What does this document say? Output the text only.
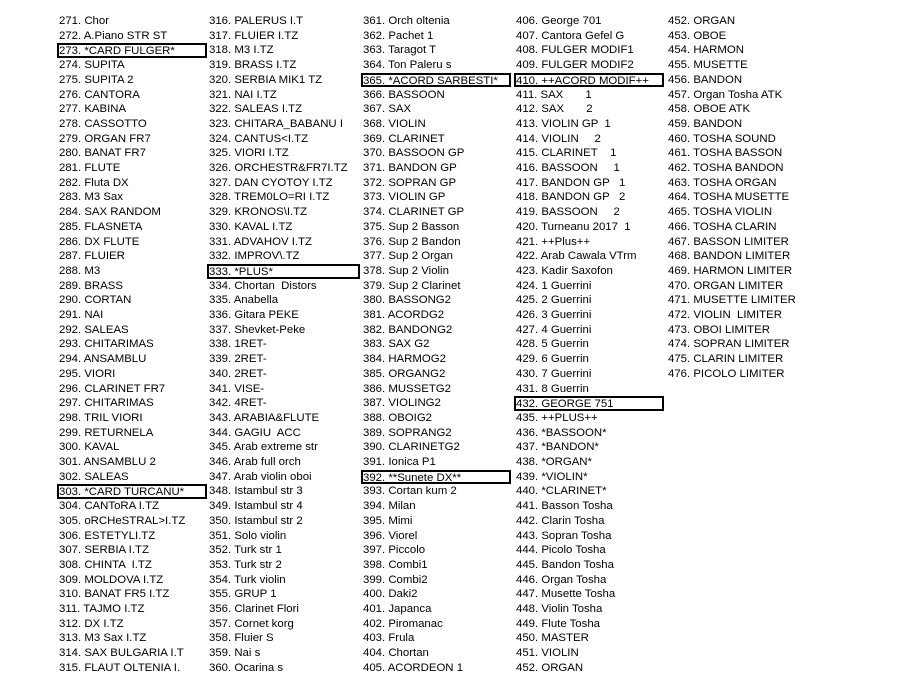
271. Chor
272. A.Piano STR ST
273. *CARD FULGER*
274. SUPITA
275. SUPITA 2
276. CANTORA
277. KABINA
278. CASSOTTO
279. ORGAN FR7
280. BANAT FR7
281. FLUTE
282. Fluta DX
283. M3 Sax
284. SAX RANDOM
285. FLASNETA
286. DX FLUTE
287. FLUIER
288. M3
289. BRASS
290. CORTAN
291. NAI
292. SALEAS
293. CHITARIMAS
294. ANSAMBLU
295. VIORI
296. CLARINET FR7
297. CHITARIMAS
298. TRIL VIORI
299. RETURNELA
300. KAVAL
301. ANSAMBLU 2
302. SALEAS
303. *CARD TURCANU*
304. CANToRA I.TZ
305. oRCHeSTRAL>I.TZ
306. ESTETYLI.TZ
307. SERBIA I.TZ
308. CHINTA  I.TZ
309. MOLDOVA I.TZ
310. BANAT FR5 I.TZ
311. TAJMO I.TZ
312. DX I.TZ
313. M3 Sax I.TZ
314. SAX BULGARIA I.T
315. FLAUT OLTENIA I.
316. PALERUS I.T
317. FLUIER I.TZ
318. M3 I.TZ
319. BRASS I.TZ
320. SERBIA MIK1 TZ
321. NAI I.TZ
322. SALEAS I.TZ
323. CHITARA_BABANU I
324. CANTUS<I.TZ
325. VIORI I.TZ
326. ORCHESTR&FR7I.TZ
327. DAN CYOTOY I.TZ
328. TREM0LO=RI I.TZ
329. KRONOS\I.TZ
330. KAVAL I.TZ
331. ADVAHOV I.TZ
332. IMPROV\.TZ
333. *PLUS*
334. Chortan  Distors
335. Anabella
336. Gitara PEKE
337. Shevket-Peke
338. 1RET-
339. 2RET-
340. 2RET-
341. VISE-
342. 4RET-
343. ARABIA&FLUTE
344. GAGIU  ACC
345. Arab extreme str
346. Arab full orch
347. Arab violin oboi
348. Istambul str 3
349. Istambul str 4
350. Istambul str 2
351. Solo violin
352. Turk str 1
353. Turk str 2
354. Turk violin
355. GRUP 1
356. Clarinet Flori
357. Cornet korg
358. Fluier S
359. Nai s
360. Ocarina s
361. Orch oltenia
362. Pachet 1
363. Taragot T
364. Ton Paleru s
365. *ACORD SARBESTI*
366. BASSOON
367. SAX
368. VIOLIN
369. CLARINET
370. BASSOON GP
371. BANDON GP
372. SOPRAN GP
373. VIOLIN GP
374. CLARINET GP
375. Sup 2 Basson
376. Sup 2 Bandon
377. Sup 2 Organ
378. Sup 2 Violin
379. Sup 2 Clarinet
380. BASSONG2
381. ACORDG2
382. BANDONG2
383. SAX G2
384. HARMOG2
385. ORGANG2
386. MUSSETG2
387. VIOLING2
388. OBOIG2
389. SOPRANG2
390. CLARINETG2
391. Ionica P1
392. **Sunete DX**
393. Cortan kum 2
394. Milan
395. Mimi
396. Viorel
397. Piccolo
398. Combi1
399. Combi2
400. Daki2
401. Japanca
402. Piromanac
403. Frula
404. Chortan
405. ACORDEON 1
406. George 701
407. Cantora Gefel G
408. FULGER MODIF1
409. FULGER MODIF2
410. ++ACORD MODIF++
411. SAX       1
412. SAX       2
413. VIOLIN GP  1
414. VIOLIN     2
415. CLARINET    1
416. BASSOON     1
417. BANDON GP   1
418. BANDON GP   2
419. BASSOON     2
420. Turneanu 2017  1
421. ++Plus++
422. Arab Cawala VTrm
423. Kadir Saxofon
424. 1 Guerrini
425. 2 Guerrini
426. 3 Guerrini
427. 4 Guerrini
428. 5 Guerrin
429. 6 Guerrin
430. 7 Guerrini
431. 8 Guerrin
432. GEORGE 751
435. ++PLUS++
436. *BASSOON*
437. *BANDON*
438. *ORGAN*
439. *VIOLIN*
440. *CLARINET*
441. Basson Tosha
442. Clarin Tosha
443. Sopran Tosha
444. Picolo Tosha
445. Bandon Tosha
446. Organ Tosha
447. Musette Tosha
448. Violin Tosha
449. Flute Tosha
450. MASTER
451. VIOLIN
452. ORGAN
452. ORGAN
453. OBOE
454. HARMON
455. MUSETTE
456. BANDON
457. Organ Tosha ATK
458. OBOE ATK
459. BANDON
460. TOSHA SOUND
461. TOSHA BASSON
462. TOSHA BANDON
463. TOSHA ORGAN
464. TOSHA MUSETTE
465. TOSHA VIOLIN
466. TOSHA CLARIN
467. BASSON LIMITER
468. BANDON LIMITER
469. HARMON LIMITER
470. ORGAN LIMITER
471. MUSETTE LIMITER
472. VIOLIN  LIMITER
473. OBOI LIMITER
474. SOPRAN LIMITER
475. CLARIN LIMITER
476. PICOLO LIMITER
